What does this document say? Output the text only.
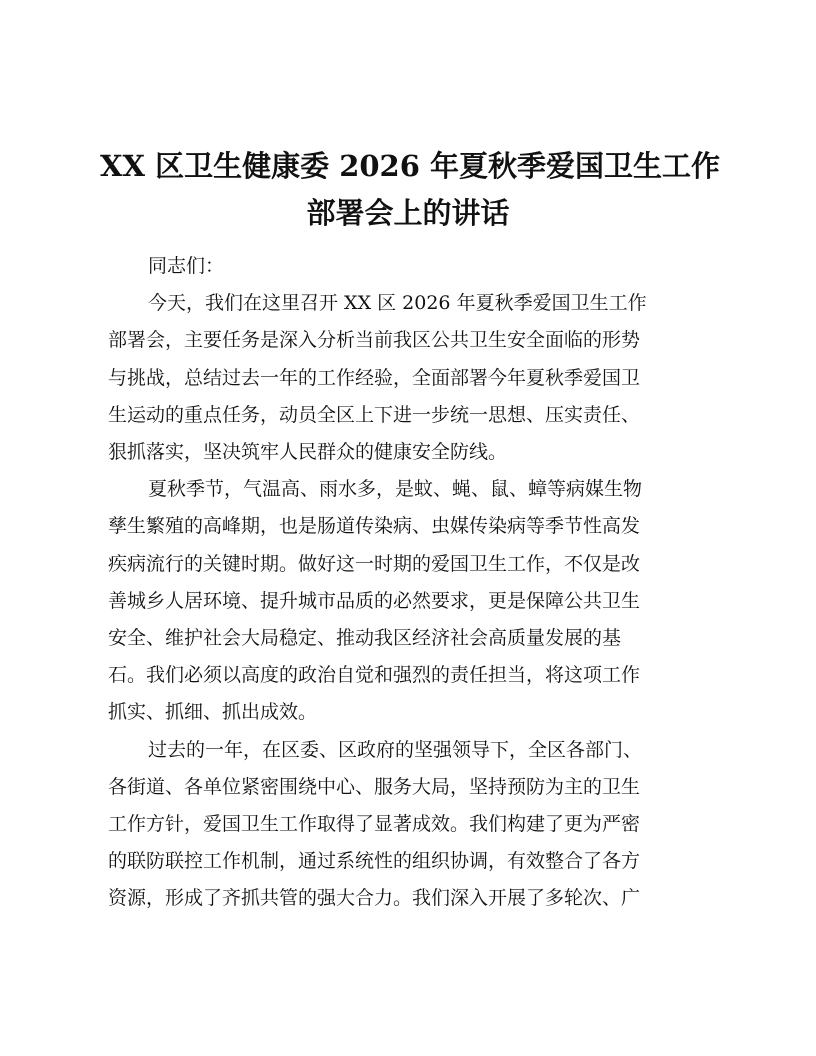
XX 区卫生健康委 2026 年夏秋季爱国卫生工作
部署会上的讲话

同志们：

今天，我们在这里召开 XX 区 2026 年夏秋季爱国卫生工作
部署会，主要任务是深入分析当前我区公共卫生安全面临的形势
与挑战，总结过去一年的工作经验，全面部署今年夏秋季爱国卫
生运动的重点任务，动员全区上下进一步统一思想、压实责任、
狠抓落实，坚决筑牢人民群众的健康安全防线。

夏秋季节，气温高、雨水多，是蚊、蝇、鼠、蟑等病媒生物
孳生繁殖的高峰期，也是肠道传染病、虫媒传染病等季节性高发
疾病流行的关键时期。做好这一时期的爱国卫生工作，不仅是改
善城乡人居环境、提升城市品质的必然要求，更是保障公共卫生
安全、维护社会大局稳定、推动我区经济社会高质量发展的基
石。我们必须以高度的政治自觉和强烈的责任担当，将这项工作
抓实、抓细、抓出成效。

过去的一年，在区委、区政府的坚强领导下，全区各部门、
各街道、各单位紧密围绕中心、服务大局，坚持预防为主的卫生
工作方针，爱国卫生工作取得了显著成效。我们构建了更为严密
的联防联控工作机制，通过系统性的组织协调，有效整合了各方
资源，形成了齐抓共管的强大合力。我们深入开展了多轮次、广
